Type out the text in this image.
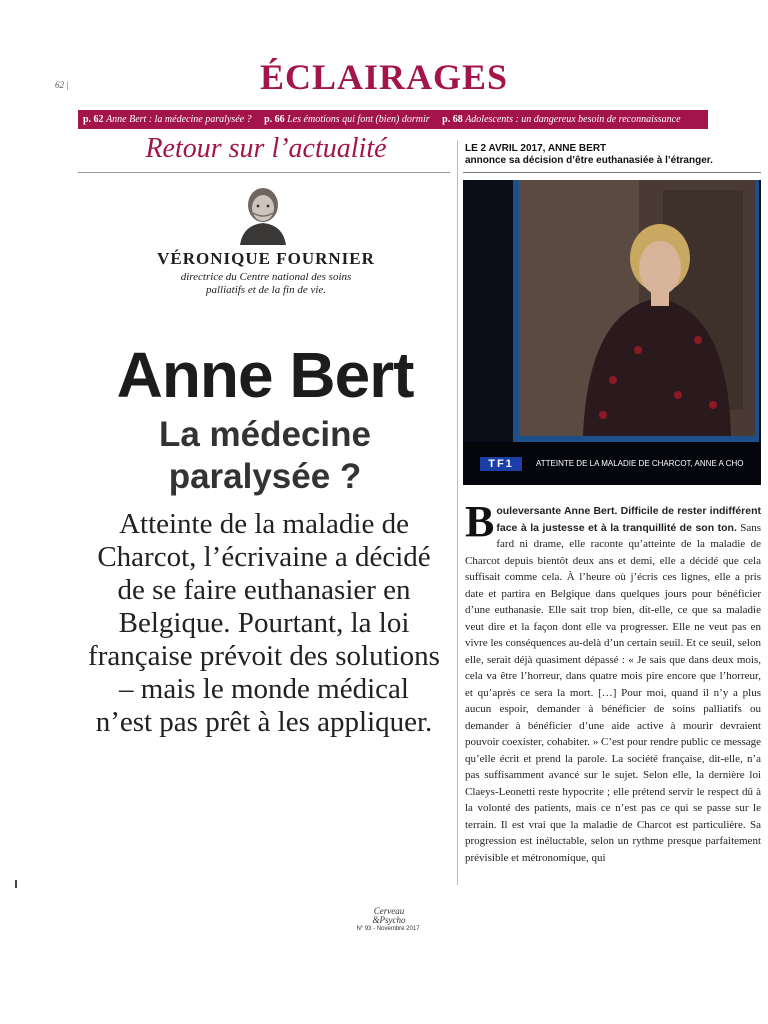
62 |	ÉCLAIRAGES
p. 62 Anne Bert : la médecine paralysée ? p. 66 Les émotions qui font (bien) dormir p. 68 Adolescents : un dangereux besoin de reconnaissance
Retour sur l’actualité
VÉRONIQUE FOURNIER
directrice du Centre national des soins palliatifs et de la fin de vie.
Anne Bert
La médecine paralysée ?

Atteinte de la maladie de Charcot, l’écrivaine a décidé de se faire euthanasier en Belgique. Pourtant, la loi française prévoit des solutions – mais le monde médical n’est pas prêt à les appliquer.

LE 2 AVRIL 2017, ANNE BERT
annonce sa décision d’être euthanasiée à l’étranger.
TF1	ATTEINTE DE LA MALADIE DE CHARCOT, ANNE A CHO
Bouleversante Anne Bert. Difficile de rester indifférent face à la justesse et à la tranquillité de son ton. Sans fard ni drame, elle raconte qu’atteinte de la maladie de Charcot depuis bientôt deux ans et demi, elle a décidé que cela suffisait comme cela. À l’heure où j’écris ces lignes, elle a pris date et partira en Belgique dans quelques jours pour bénéficier d’une euthanasie. Elle sait trop bien, dit-elle, ce que sa maladie veut dire et la façon dont elle va progresser. Elle ne veut pas en vivre les conséquences au-delà d’un certain seuil. Et ce seuil, selon elle, serait déjà quasiment dépassé : « Je sais que dans deux mois, cela va être l’horreur, dans quatre mois pire encore que l’horreur, et qu’après ce sera la mort. […] Pour moi, quand il n’y a plus aucun espoir, demander à bénéficier de soins palliatifs ou demander à bénéficier d’une aide active à mourir devraient pouvoir coexister, cohabiter. » C’est pour rendre public ce message qu’elle écrit et prend la parole. La société française, dit-elle, n’a pas suffisamment avancé sur le sujet. Selon elle, la dernière loi Claeys-Leonetti reste hypocrite ; elle prétend servir le respect dû à la volonté des patients, mais ce n’est pas ce qui se passe sur le terrain. Il est vrai que la maladie de Charcot est particulière. Sa progression est inéluctable, selon un rythme presque parfaitement prévisible et métronomique, qui
Cerveau
&Psycho
N° 93 - Novembre 2017
